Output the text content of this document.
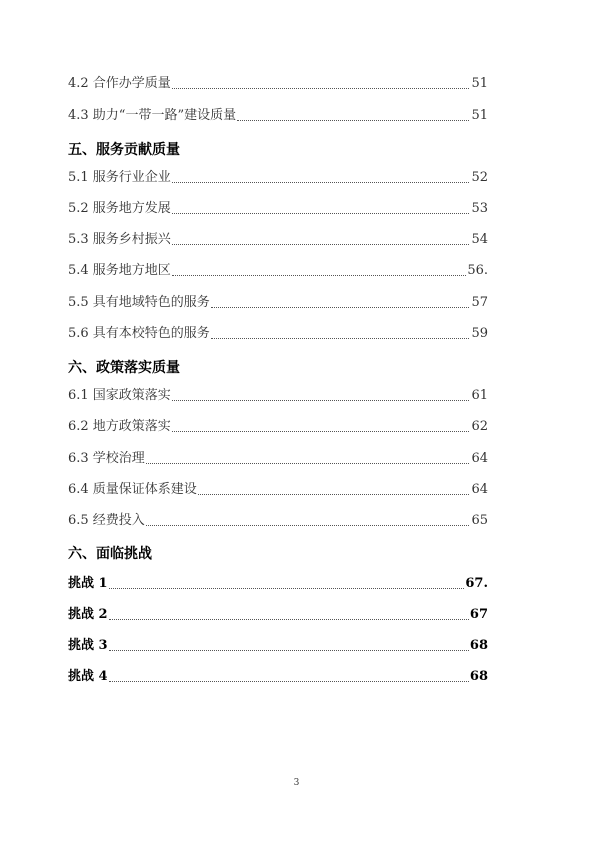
4.2 合作办学质量	51
4.3 助力“一带一路”建设质量	51
五、服务贡献质量
5.1 服务行业企业	52
5.2 服务地方发展	53
5.3 服务乡村振兴	54
5.4 服务地方地区	56.
5.5 具有地域特色的服务	57
5.6 具有本校特色的服务	59
六、政策落实质量
6.1 国家政策落实	61
6.2 地方政策落实	62
6.3 学校治理	64
6.4 质量保证体系建设	64
6.5 经费投入	65
六、面临挑战
挑战 1	67.
挑战 2	67
挑战 3	68
挑战 4	68
3
